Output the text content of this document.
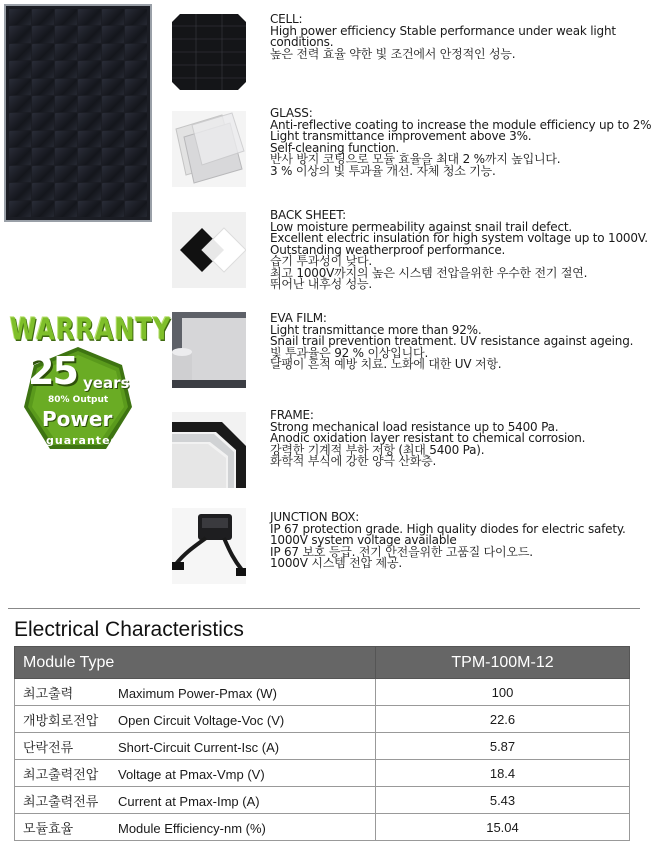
WARRANTY
25 years
80% Output
Power
guarantee
CELL:
High power efficiency Stable performance under weak light
conditions.
높은 전력 효율 약한 빛 조건에서 안정적인 성능.
GLASS:
Anti-reflective coating to increase the module efficiency up to 2%
Light transmittance improvement above 3%.
Self-cleaning function.
반사 방지 코팅으로 모듈 효율을 최대 2 %까지 높입니다.
3 % 이상의 빛 투과율 개선. 자체 청소 기능.
BACK SHEET:
Low moisture permeability against snail trail defect.
Excellent electric insulation for high system voltage up to 1000V.
Outstanding weatherproof performance.
습기 투과성이 낮다.
최고 1000V까지의 높은 시스템 전압을위한 우수한 전기 절연.
뛰어난 내후성 성능.
EVA FILM:
Light transmittance more than 92%.
Snail trail prevention treatment. UV resistance against ageing.
빛 투과율은 92 % 이상입니다.
달팽이 흔적 예방 치료. 노화에 대한 UV 저항.
FRAME:
Strong mechanical load resistance up to 5400 Pa.
Anodic oxidation layer resistant to chemical corrosion.
강력한 기계적 부하 저항 (최대 5400 Pa).
화학적 부식에 강한 양극 산화층.
JUNCTION BOX:
IP 67 protection grade. High quality diodes for electric safety.
1000V system voltage available
IP 67 보호 등급. 전기 안전을위한 고품질 다이오드.
1000V 시스템 전압 제공.
Electrical Characteristics
Module Type	TPM-100M-12
최고출력 Maximum Power-Pmax (W)	100
개방회로전압 Open Circuit Voltage-Voc (V)	22.6
단락전류 Short-Circuit Current-Isc (A)	5.87
최고출력전압 Voltage at Pmax-Vmp (V)	18.4
최고출력전류 Current at Pmax-Imp (A)	5.43
모듈효율 Module Efficiency-nm (%)	15.04
